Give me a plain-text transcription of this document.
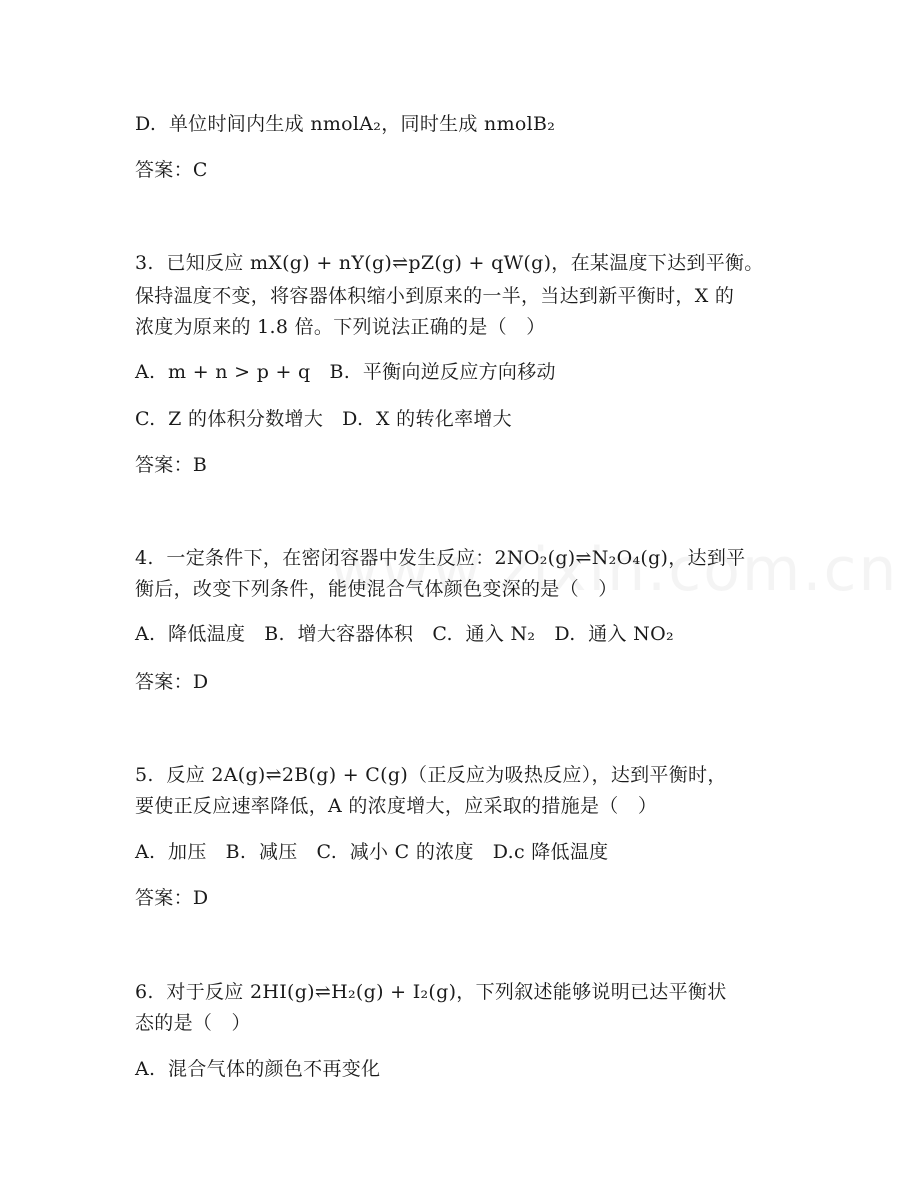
D.  单位时间内生成 nmolA₂，同时生成 nmolB₂
答案：C
3.  已知反应 mX(g) + nY(g)⇌pZ(g) + qW(g)，在某温度下达到平衡。
保持温度不变，将容器体积缩小到原来的一半，当达到新平衡时，X 的
浓度为原来的 1.8 倍。下列说法正确的是（　）
A.  m + n > p + q   B.  平衡向逆反应方向移动
C.  Z 的体积分数增大   D.  X 的转化率增大
答案：B
4.  一定条件下，在密闭容器中发生反应：2NO₂(g)⇌N₂O₄(g)，达到平
衡后，改变下列条件，能使混合气体颜色变深的是（　）
A.  降低温度   B.  增大容器体积   C.  通入 N₂   D.  通入 NO₂
答案：D
5.  反应 2A(g)⇌2B(g) + C(g)（正反应为吸热反应），达到平衡时，
要使正反应速率降低，A 的浓度增大，应采取的措施是（　）
A.  加压   B.  减压   C.  减小 C 的浓度   D.c 降低温度
答案：D
6.  对于反应 2HI(g)⇌H₂(g) + I₂(g)，下列叙述能够说明已达平衡状
态的是（　）
A.  混合气体的颜色不再变化
